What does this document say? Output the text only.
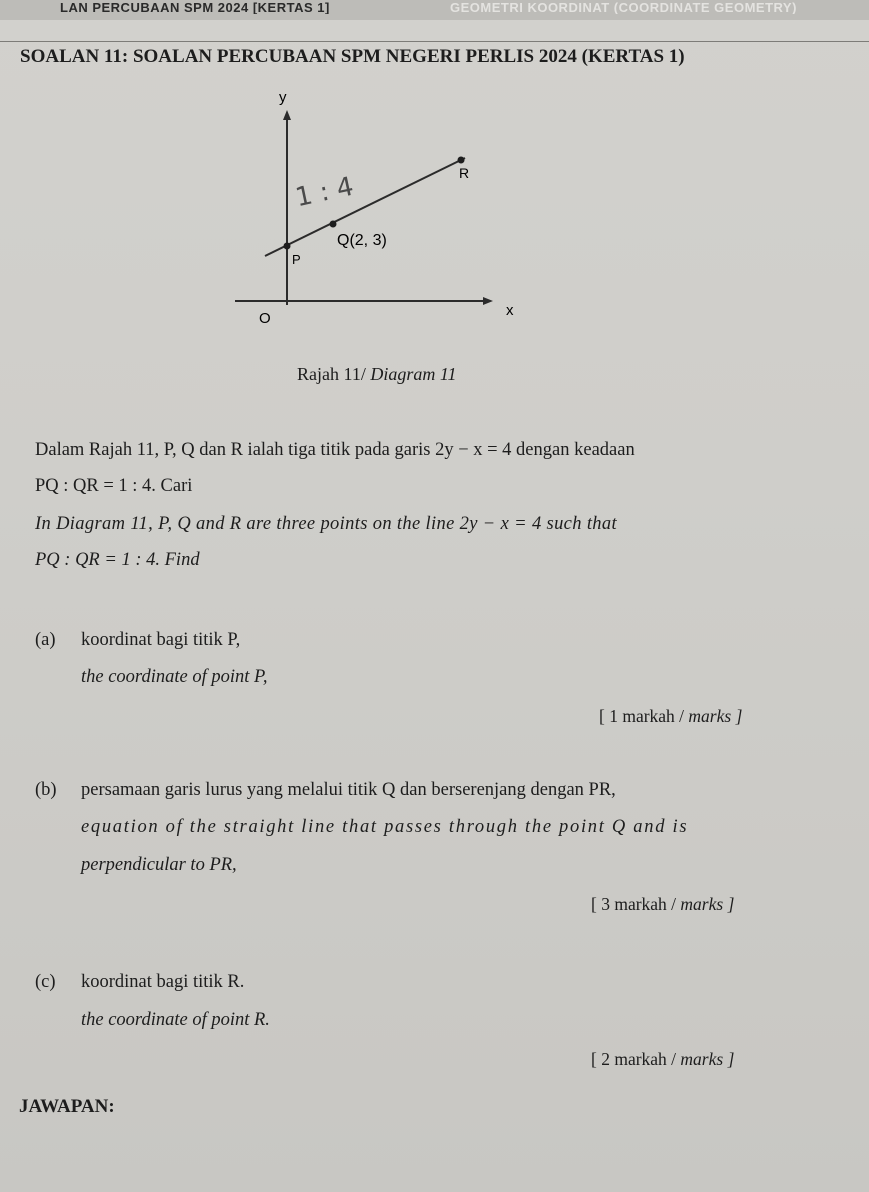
LAN PERCUBAAN SPM 2024 [KERTAS 1]	GEOMETRI KOORDINAT (COORDINATE GEOMETRY)
SOALAN 11: SOALAN PERCUBAAN SPM NEGERI PERLIS 2024 (KERTAS 1)
y
x
O
P
Q(2, 3)
R
1 : 4
Rajah 11/ Diagram 11
Dalam Rajah 11, P, Q dan R ialah tiga titik pada garis 2y − x = 4 dengan keadaan
PQ : QR = 1 : 4. Cari
In Diagram 11, P, Q and R are three points on the line 2y − x = 4 such that
PQ : QR = 1 : 4. Find
(a) koordinat bagi titik P,
the coordinate of point P,
[ 1 markah / marks ]
(b) persamaan garis lurus yang melalui titik Q dan berserenjang dengan PR,
equation of the straight line that passes through the point Q and is
perpendicular to PR,
[ 3 markah / marks ]
(c) koordinat bagi titik R.
the coordinate of point R.
[ 2 markah / marks ]
JAWAPAN:
